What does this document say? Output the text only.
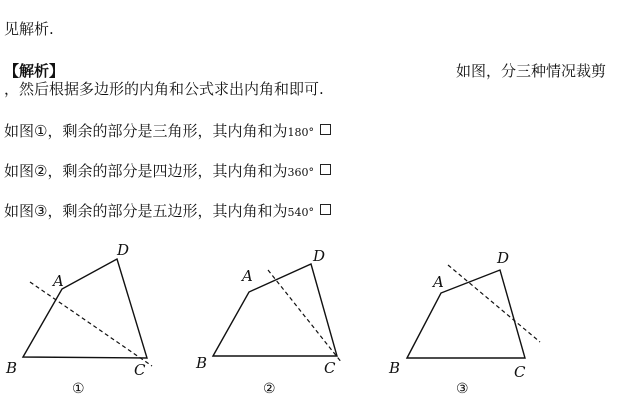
见解析.
【解析】	如图，分三种情况裁剪
，然后根据多边形的内角和公式求出内角和即可.
如图①，剩余的部分是三角形，其内角和为180°
如图②，剩余的部分是四边形，其内角和为360°
如图③，剩余的部分是五边形，其内角和为540°
A
B	C
D
①
A
B	C
D
②
A
B	C
D
③
